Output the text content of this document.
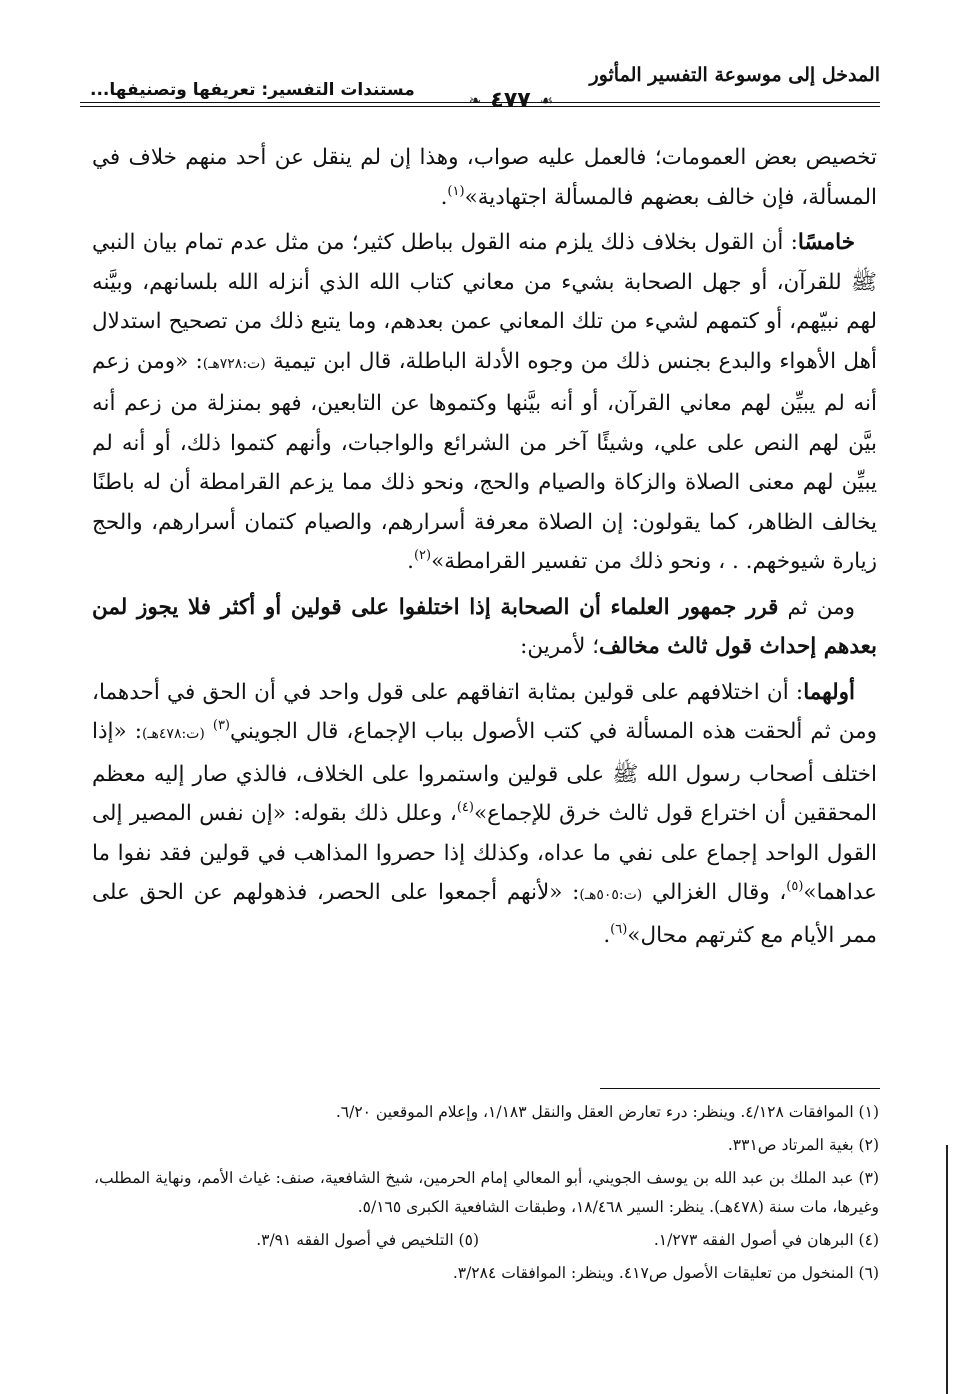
المدخل إلى موسوعة التفسير المأثور
❧ ٤٧٧ ☙
مستندات التفسير: تعريفها وتصنيفها...

تخصيص بعض العمومات؛ فالعمل عليه صواب، وهذا إن لم ينقل عن أحد منهم خلاف في المسألة، فإن خالف بعضهم فالمسألة اجتهادية»$^{(١)}$.

خامسًا: أن القول بخلاف ذلك يلزم منه القول بباطل كثير؛ من مثل عدم تمام بيان النبي ﷺ للقرآن، أو جهل الصحابة بشيء من معاني كتاب الله الذي أنزله الله بلسانهم، وبيَّنه لهم نبيّهم، أو كتمهم لشيء من تلك المعاني عمن بعدهم، وما يتبع ذلك من تصحيح استدلال أهل الأهواء والبدع بجنس ذلك من وجوه الأدلة الباطلة، قال ابن تيمية (ت:٧٢٨هـ): «ومن زعم أنه لم يبيِّن لهم معاني القرآن، أو أنه بيَّنها وكتموها عن التابعين، فهو بمنزلة من زعم أنه بيَّن لهم النص على علي، وشيئًا آخر من الشرائع والواجبات، وأنهم كتموا ذلك، أو أنه لم يبيِّن لهم معنى الصلاة والزكاة والصيام والحج، ونحو ذلك مما يزعم القرامطة أن له باطنًا يخالف الظاهر، كما يقولون: إن الصلاة معرفة أسرارهم، والصيام كتمان أسرارهم، والحج زيارة شيوخهم. . ، ونحو ذلك من تفسير القرامطة»$^{(٢)}$.

ومن ثم قرر جمهور العلماء أن الصحابة إذا اختلفوا على قولين أو أكثر فلا يجوز لمن بعدهم إحداث قول ثالث مخالف؛ لأمرين:

أولهما: أن اختلافهم على قولين بمثابة اتفاقهم على قول واحد في أن الحق في أحدهما، ومن ثم ألحقت هذه المسألة في كتب الأصول بباب الإجماع، قال الجويني$^{(٣)}$ (ت:٤٧٨هـ): «إذا اختلف أصحاب رسول الله ﷺ على قولين واستمروا على الخلاف، فالذي صار إليه معظم المحققين أن اختراع قول ثالث خرق للإجماع»$^{(٤)}$، وعلل ذلك بقوله: «إن نفس المصير إلى القول الواحد إجماع على نفي ما عداه، وكذلك إذا حصروا المذاهب في قولين فقد نفوا ما عداهما»$^{(٥)}$، وقال الغزالي (ت:٥٠٥هـ): «لأنهم أجمعوا على الحصر، فذهولهم عن الحق على ممر الأيام مع كثرتهم محال»$^{(٦)}$.

(١) الموافقات ٤/١٢٨. وينظر: درء تعارض العقل والنقل ١/١٨٣، وإعلام الموقعين ٦/٢٠.

(٢) بغية المرتاد ص٣٣١.

(٣) عبد الملك بن عبد الله بن يوسف الجويني، أبو المعالي إمام الحرمين، شيخ الشافعية، صنف: غياث الأمم، ونهاية المطلب، وغيرها، مات سنة (٤٧٨هـ). ينظر: السير ١٨/٤٦٨، وطبقات الشافعية الكبرى ٥/١٦٥.

(٤) البرهان في أصول الفقه ١/٢٧٣.
(٥) التلخيص في أصول الفقه ٣/٩١.

(٦) المنخول من تعليقات الأصول ص٤١٧. وينظر: الموافقات ٣/٢٨٤.
